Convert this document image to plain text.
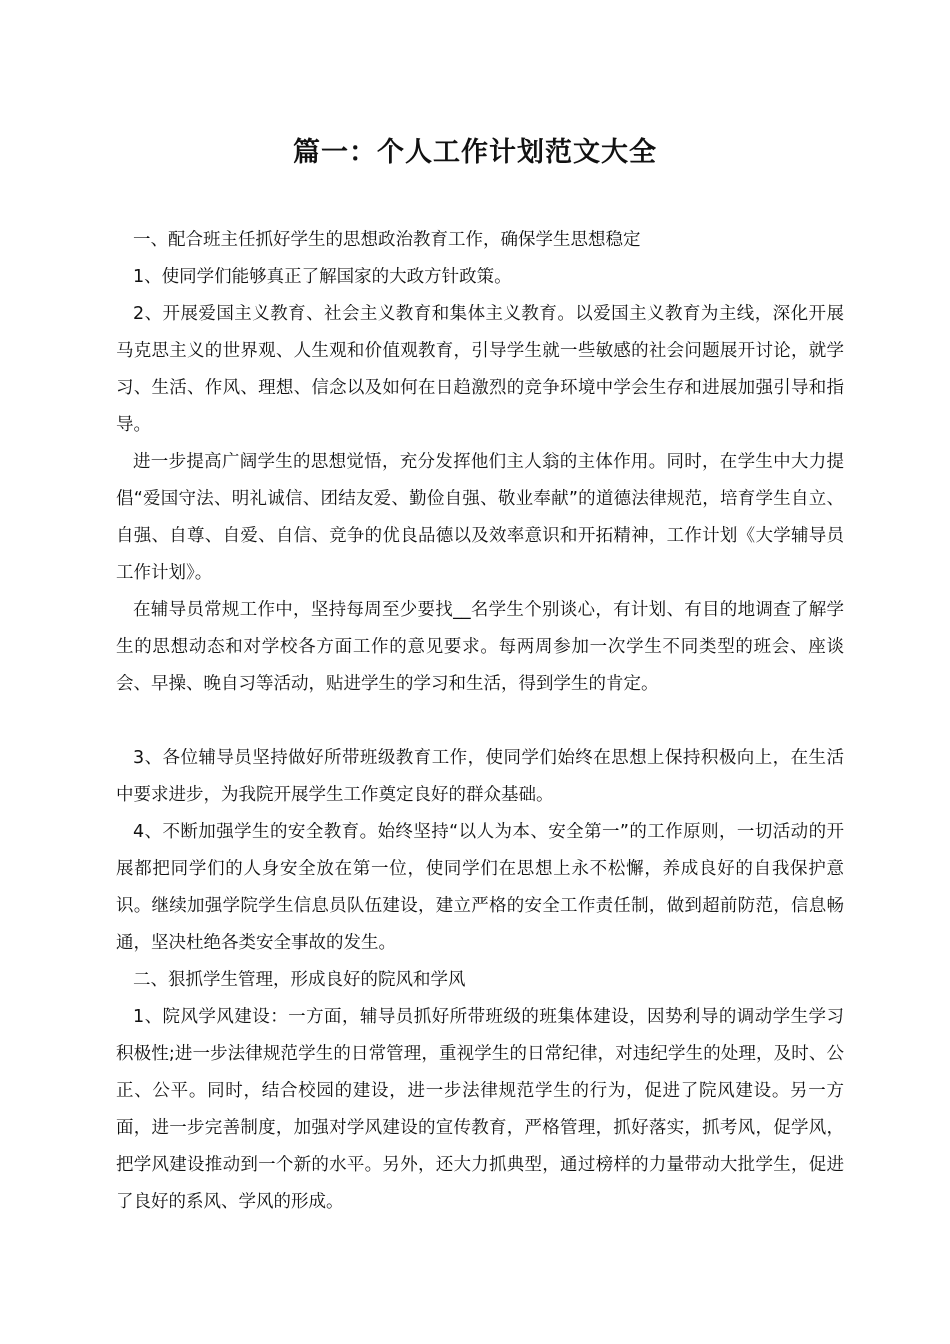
篇一：个人工作计划范文大全

一、配合班主任抓好学生的思想政治教育工作，确保学生思想稳定

1、使同学们能够真正了解国家的大政方针政策。

2、开展爱国主义教育、社会主义教育和集体主义教育。以爱国主义教育为主线，深化开展马克思主义的世界观、人生观和价值观教育，引导学生就一些敏感的社会问题展开讨论，就学习、生活、作风、理想、信念以及如何在日趋激烈的竞争环境中学会生存和进展加强引导和指导。

进一步提高广阔学生的思想觉悟，充分发挥他们主人翁的主体作用。同时，在学生中大力提倡“爱国守法、明礼诚信、团结友爱、勤俭自强、敬业奉献”的道德法律规范，培育学生自立、自强、自尊、自爱、自信、竞争的优良品德以及效率意识和开拓精神，工作计划《大学辅导员工作计划》。

在辅导员常规工作中，坚持每周至少要找__名学生个别谈心，有计划、有目的地调查了解学生的思想动态和对学校各方面工作的意见要求。每两周参加一次学生不同类型的班会、座谈会、早操、晚自习等活动，贴进学生的学习和生活，得到学生的肯定。

3、各位辅导员坚持做好所带班级教育工作，使同学们始终在思想上保持积极向上，在生活中要求进步，为我院开展学生工作奠定良好的群众基础。

4、不断加强学生的安全教育。始终坚持“以人为本、安全第一”的工作原则，一切活动的开展都把同学们的人身安全放在第一位，使同学们在思想上永不松懈，养成良好的自我保护意识。继续加强学院学生信息员队伍建设，建立严格的安全工作责任制，做到超前防范，信息畅通，坚决杜绝各类安全事故的发生。

二、狠抓学生管理，形成良好的院风和学风

1、院风学风建设：一方面，辅导员抓好所带班级的班集体建设，因势利导的调动学生学习积极性;进一步法律规范学生的日常管理，重视学生的日常纪律，对违纪学生的处理，及时、公正、公平。同时，结合校园的建设，进一步法律规范学生的行为，促进了院风建设。另一方面，进一步完善制度，加强对学风建设的宣传教育，严格管理，抓好落实，抓考风，促学风，把学风建设推动到一个新的水平。另外，还大力抓典型，通过榜样的力量带动大批学生，促进了良好的系风、学风的形成。
